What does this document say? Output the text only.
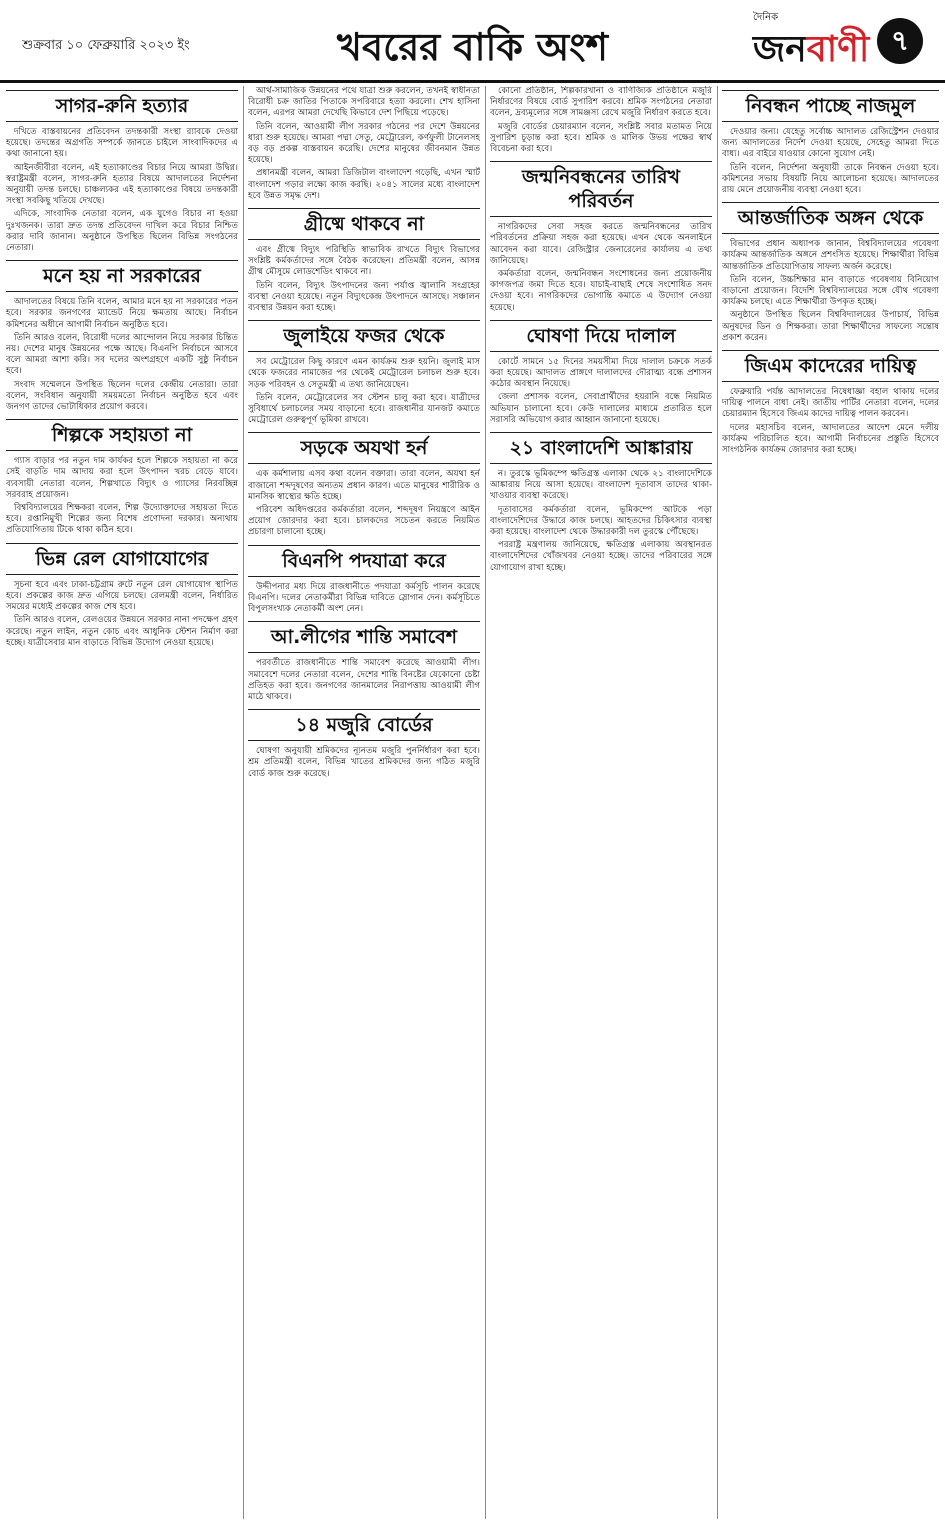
শুক্রবার ১০ ফেব্রুয়ারি ২০২৩ ইং	খবরের বাকি অংশ
দৈনিক
জনবাণী ৭
সাগর-রুনি হত্যার

দখিতে বাস্তবায়নের প্রতিবেদন তদন্তকারী সংস্থা র‍্যাবকে দেওয়া হয়েছে। তদন্তের অগ্রগতি সম্পর্কে জানতে চাইলে সাংবাদিকদের এ কথা জানানো হয়।

আইনজীবীরা বলেন, এই হত্যাকাণ্ডের বিচার নিয়ে আমরা উদ্বিগ্ন। স্বরাষ্ট্রমন্ত্রী বলেন, সাগর-রুনি হত্যার বিষয়ে আদালতের নির্দেশনা অনুযায়ী তদন্ত চলছে। চাঞ্চল্যকর এই হত্যাকাণ্ডের বিষয়ে তদন্তকারী সংস্থা সবকিছু খতিয়ে দেখছে।

এদিকে, সাংবাদিক নেতারা বলেন, এক যুগেও বিচার না হওয়া দুঃখজনক। তারা দ্রুত তদন্ত প্রতিবেদন দাখিল করে বিচার নিশ্চিত করার দাবি জানান। অনুষ্ঠানে উপস্থিত ছিলেন বিভিন্ন সংগঠনের নেতারা।

মনে হয় না সরকারের

আদালতের বিষয়ে তিনি বলেন, আমার মনে হয় না সরকারের পতন হবে। সরকার জনগণের ম্যান্ডেট নিয়ে ক্ষমতায় আছে। নির্বাচন কমিশনের অধীনে আগামী নির্বাচন অনুষ্ঠিত হবে।

তিনি আরও বলেন, বিরোধী দলের আন্দোলন নিয়ে সরকার চিন্তিত নয়। দেশের মানুষ উন্নয়নের পক্ষে আছে। বিএনপি নির্বাচনে আসবে বলে আমরা আশা করি। সব দলের অংশগ্রহণে একটি সুষ্ঠু নির্বাচন হবে।

সংবাদ সম্মেলনে উপস্থিত ছিলেন দলের কেন্দ্রীয় নেতারা। তারা বলেন, সংবিধান অনুযায়ী সময়মতো নির্বাচন অনুষ্ঠিত হবে এবং জনগণ তাদের ভোটাধিকার প্রয়োগ করবে।

শিল্পকে সহায়তা না

গ্যাস বাড়ার পর নতুন দাম কার্যকর হলে শিল্পকে সহায়তা না করে সেই বাড়তি দাম আদায় করা হলে উৎপাদন খরচ বেড়ে যাবে। ব্যবসায়ী নেতারা বলেন, শিল্পখাতে বিদ্যুৎ ও গ্যাসের নিরবচ্ছিন্ন সরবরাহ প্রয়োজন।

বিশ্ববিদ্যালয়ের শিক্ষকরা বলেন, শিল্প উদ্যোক্তাদের সহায়তা দিতে হবে। রপ্তানিমুখী শিল্পের জন্য বিশেষ প্রণোদনা দরকার। অন্যথায় প্রতিযোগিতায় টিকে থাকা কঠিন হবে।

ভিন্ন রেল যোগাযোগের

সূচনা হবে এবং ঢাকা-চট্টগ্রাম রুটে নতুন রেল যোগাযোগ স্থাপিত হবে। প্রকল্পের কাজ দ্রুত এগিয়ে চলছে। রেলমন্ত্রী বলেন, নির্ধারিত সময়ের মধ্যেই প্রকল্পের কাজ শেষ হবে।

তিনি আরও বলেন, রেলওয়ের উন্নয়নে সরকার নানা পদক্ষেপ গ্রহণ করেছে। নতুন লাইন, নতুন কোচ এবং আধুনিক স্টেশন নির্মাণ করা হচ্ছে। যাত্রীসেবার মান বাড়াতে বিভিন্ন উদ্যোগ নেওয়া হয়েছে।

আর্থ-সামাজিক উন্নয়নের পথে যাত্রা শুরু করলেন, তখনই স্বাধীনতা বিরোধী চক্র জাতির পিতাকে সপরিবারে হত্যা করলো। শেখ হাসিনা বলেন, এরপর আমরা দেখেছি কিভাবে দেশ পিছিয়ে পড়েছে।

তিনি বলেন, আওয়ামী লীগ সরকার গঠনের পর দেশে উন্নয়নের ধারা শুরু হয়েছে। আমরা পদ্মা সেতু, মেট্রোরেল, কর্ণফুলী টানেলসহ বড় বড় প্রকল্প বাস্তবায়ন করেছি। দেশের মানুষের জীবনমান উন্নত হয়েছে।

প্রধানমন্ত্রী বলেন, আমরা ডিজিটাল বাংলাদেশ গড়েছি, এখন স্মার্ট বাংলাদেশ গড়ার লক্ষ্যে কাজ করছি। ২০৪১ সালের মধ্যে বাংলাদেশ হবে উন্নত সমৃদ্ধ দেশ।

গ্রীষ্মে থাকবে না

এবং গ্রীষ্মে বিদ্যুৎ পরিস্থিতি স্বাভাবিক রাখতে বিদ্যুৎ বিভাগের সংশ্লিষ্ট কর্মকর্তাদের সঙ্গে বৈঠক করেছেন। প্রতিমন্ত্রী বলেন, আসন্ন গ্রীষ্ম মৌসুমে লোডশেডিং থাকবে না।

তিনি বলেন, বিদ্যুৎ উৎপাদনের জন্য পর্যাপ্ত জ্বালানি সংগ্রহের ব্যবস্থা নেওয়া হয়েছে। নতুন বিদ্যুৎকেন্দ্র উৎপাদনে আসছে। সঞ্চালন ব্যবস্থার উন্নয়ন করা হচ্ছে।

জুলাইয়ে ফজর থেকে

সব মেট্রোরেল কিছু কারণে এমন কার্যক্রম শুরু হয়নি। জুলাই মাস থেকে ফজরের নামাজের পর থেকেই মেট্রোরেল চলাচল শুরু হবে। সড়ক পরিবহন ও সেতুমন্ত্রী এ তথ্য জানিয়েছেন।

তিনি বলেন, মেট্রোরেলের সব স্টেশন চালু করা হবে। যাত্রীদের সুবিধার্থে চলাচলের সময় বাড়ানো হবে। রাজধানীর যানজট কমাতে মেট্রোরেল গুরুত্বপূর্ণ ভূমিকা রাখবে।

সড়কে অযথা হর্ন

এক কর্মশালায় এসব কথা বলেন বক্তারা। তারা বলেন, অযথা হর্ন বাজানো শব্দদূষণের অন্যতম প্রধান কারণ। এতে মানুষের শারীরিক ও মানসিক স্বাস্থ্যের ক্ষতি হচ্ছে।

পরিবেশ অধিদপ্তরের কর্মকর্তারা বলেন, শব্দদূষণ নিয়ন্ত্রণে আইন প্রয়োগ জোরদার করা হবে। চালকদের সচেতন করতে নিয়মিত প্রচারণা চালানো হচ্ছে।

বিএনপি পদযাত্রা করে

উদ্দীপনার মধ্য দিয়ে রাজধানীতে পদযাত্রা কর্মসূচি পালন করেছে বিএনপি। দলের নেতাকর্মীরা বিভিন্ন দাবিতে স্লোগান দেন। কর্মসূচিতে বিপুলসংখ্যক নেতাকর্মী অংশ নেন।

আ.লীগের শান্তি সমাবেশ

পরবর্তীতে রাজধানীতে শান্তি সমাবেশ করেছে আওয়ামী লীগ। সমাবেশে দলের নেতারা বলেন, দেশের শান্তি বিনষ্টের যেকোনো চেষ্টা প্রতিহত করা হবে। জনগণের জানমালের নিরাপত্তায় আওয়ামী লীগ মাঠে থাকবে।

১৪ মজুরি বোর্ডের

ঘোষণা অনুযায়ী শ্রমিকদের ন্যূনতম মজুরি পুনর্নির্ধারণ করা হবে। শ্রম প্রতিমন্ত্রী বলেন, বিভিন্ন খাতের শ্রমিকদের জন্য গঠিত মজুরি বোর্ড কাজ শুরু করেছে।

কোনো প্রতিষ্ঠান, শিল্পকারখানা ও বাণিজ্যিক প্রতিষ্ঠানে মজুরি নির্ধারণের বিষয়ে বোর্ড সুপারিশ করবে। শ্রমিক সংগঠনের নেতারা বলেন, দ্রব্যমূল্যের সঙ্গে সামঞ্জস্য রেখে মজুরি নির্ধারণ করতে হবে।

মজুরি বোর্ডের চেয়ারম্যান বলেন, সংশ্লিষ্ট সবার মতামত নিয়ে সুপারিশ চূড়ান্ত করা হবে। শ্রমিক ও মালিক উভয় পক্ষের স্বার্থ বিবেচনা করা হবে।

জন্মনিবন্ধনের তারিখ পরিবর্তন

নাগরিকদের সেবা সহজ করতে জন্মনিবন্ধনের তারিখ পরিবর্তনের প্রক্রিয়া সহজ করা হয়েছে। এখন থেকে অনলাইনে আবেদন করা যাবে। রেজিস্ট্রার জেনারেলের কার্যালয় এ তথ্য জানিয়েছে।

কর্মকর্তারা বলেন, জন্মনিবন্ধন সংশোধনের জন্য প্রয়োজনীয় কাগজপত্র জমা দিতে হবে। যাচাই-বাছাই শেষে সংশোধিত সনদ দেওয়া হবে। নাগরিকদের ভোগান্তি কমাতে এ উদ্যোগ নেওয়া হয়েছে।

ঘোষণা দিয়ে দালাল

কোর্টে সামনে ১৫ দিনের সময়সীমা দিয়ে দালাল চক্রকে সতর্ক করা হয়েছে। আদালত প্রাঙ্গণে দালালদের দৌরাত্ম্য বন্ধে প্রশাসন কঠোর অবস্থান নিয়েছে।

জেলা প্রশাসক বলেন, সেবাপ্রার্থীদের হয়রানি বন্ধে নিয়মিত অভিযান চালানো হবে। কেউ দালালের মাধ্যমে প্রতারিত হলে সরাসরি অভিযোগ করার আহ্বান জানানো হয়েছে।

২১ বাংলাদেশি আঙ্কারায়

ন। তুরস্কে ভূমিকম্পে ক্ষতিগ্রস্ত এলাকা থেকে ২১ বাংলাদেশিকে আঙ্কারায় নিয়ে আসা হয়েছে। বাংলাদেশ দূতাবাস তাদের থাকা-খাওয়ার ব্যবস্থা করেছে।

দূতাবাসের কর্মকর্তারা বলেন, ভূমিকম্পে আটকে পড়া বাংলাদেশিদের উদ্ধারে কাজ চলছে। আহতদের চিকিৎসার ব্যবস্থা করা হয়েছে। বাংলাদেশ থেকে উদ্ধারকারী দল তুরস্কে পৌঁছেছে।

পররাষ্ট্র মন্ত্রণালয় জানিয়েছে, ক্ষতিগ্রস্ত এলাকায় অবস্থানরত বাংলাদেশিদের খোঁজখবর নেওয়া হচ্ছে। তাদের পরিবারের সঙ্গে যোগাযোগ রাখা হচ্ছে।

নিবন্ধন পাচ্ছে নাজমুল

দেওয়ার জন্য। যেহেতু সর্বোচ্চ আদালত রেজিস্ট্রেশন দেওয়ার জন্য আদালতের নির্দেশ দেওয়া হয়েছে, সেহেতু আমরা দিতে বাধ্য। এর বাইরে যাওয়ার কোনো সুযোগ নেই।

তিনি বলেন, নির্দেশনা অনুযায়ী তাকে নিবন্ধন দেওয়া হবে। কমিশনের সভায় বিষয়টি নিয়ে আলোচনা হয়েছে। আদালতের রায় মেনে প্রয়োজনীয় ব্যবস্থা নেওয়া হবে।

আন্তর্জাতিক অঙ্গন থেকে

বিভাগের প্রধান অধ্যাপক জানান, বিশ্ববিদ্যালয়ের গবেষণা কার্যক্রম আন্তর্জাতিক অঙ্গনে প্রশংসিত হয়েছে। শিক্ষার্থীরা বিভিন্ন আন্তর্জাতিক প্রতিযোগিতায় সাফল্য অর্জন করেছে।

তিনি বলেন, উচ্চশিক্ষার মান বাড়াতে গবেষণায় বিনিয়োগ বাড়ানো প্রয়োজন। বিদেশি বিশ্ববিদ্যালয়ের সঙ্গে যৌথ গবেষণা কার্যক্রম চলছে। এতে শিক্ষার্থীরা উপকৃত হচ্ছে।

অনুষ্ঠানে উপস্থিত ছিলেন বিশ্ববিদ্যালয়ের উপাচার্য, বিভিন্ন অনুষদের ডিন ও শিক্ষকরা। তারা শিক্ষার্থীদের সাফল্যে সন্তোষ প্রকাশ করেন।

জিএম কাদেরের দায়িত্ব

ফেব্রুয়ারি পর্যন্ত আদালতের নিষেধাজ্ঞা বহাল থাকায় দলের দায়িত্ব পালনে বাধা নেই। জাতীয় পার্টির নেতারা বলেন, দলের চেয়ারম্যান হিসেবে জিএম কাদের দায়িত্ব পালন করবেন।

দলের মহাসচিব বলেন, আদালতের আদেশ মেনে দলীয় কার্যক্রম পরিচালিত হবে। আগামী নির্বাচনের প্রস্তুতি হিসেবে সাংগঠনিক কার্যক্রম জোরদার করা হচ্ছে।
